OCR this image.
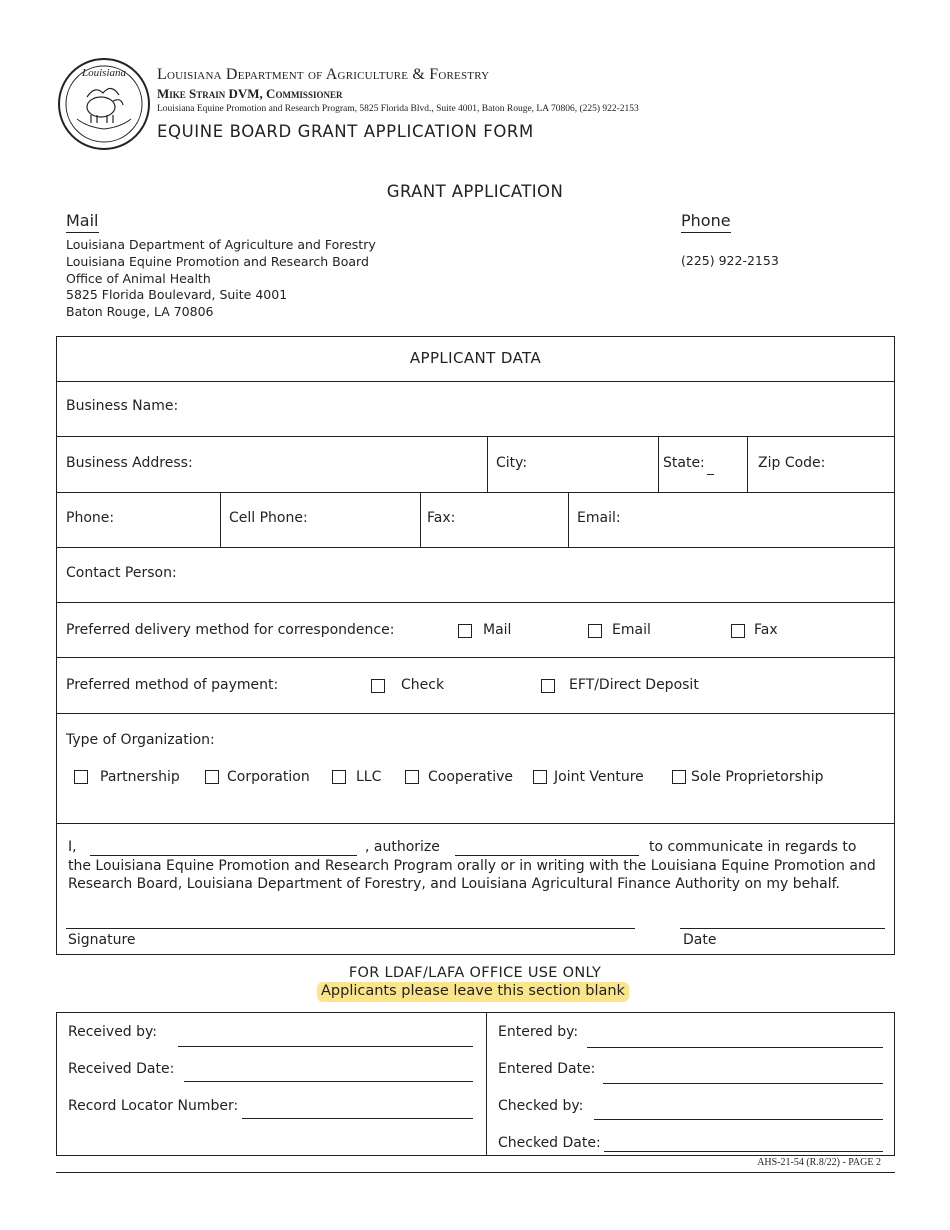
Louisiana Louisiana Department of Agriculture & Forestry
Mike Strain DVM, Commissioner
Louisiana Equine Promotion and Research Program, 5825 Florida Blvd., Suite 4001, Baton Rouge, LA 70806, (225) 922-2153
EQUINE BOARD GRANT APPLICATION FORM
GRANT APPLICATION
Mail
Louisiana Department of Agriculture and Forestry
Louisiana Equine Promotion and Research Board
Office of Animal Health
5825 Florida Boulevard, Suite 4001
Baton Rouge, LA 70806
Phone
(225) 922-2153
APPLICANT DATA
Business Name:
Business Address:	City:	State:	Zip Code:
Phone:	Cell Phone:	Fax:	Email:
Contact Person:
Preferred delivery method for correspondence:	Mail	Email	Fax
Preferred method of payment:	Check	EFT/Direct Deposit
Type of Organization:
Partnership	Corporation	LLC	Cooperative	Joint Venture	Sole Proprietorship
I,	, authorize	to communicate in regards to
the Louisiana Equine Promotion and Research Program orally or in writing with the Louisiana Equine Promotion and
Research Board, Louisiana Department of Forestry, and Louisiana Agricultural Finance Authority on my behalf.
Signature	Date
FOR LDAF/LAFA OFFICE USE ONLY
Applicants please leave this section blank
Received by:
Received Date:
Record Locator Number:
Entered by:
Entered Date:
Checked by:
Checked Date:
AHS-21-54 (R.8/22) - PAGE 2
